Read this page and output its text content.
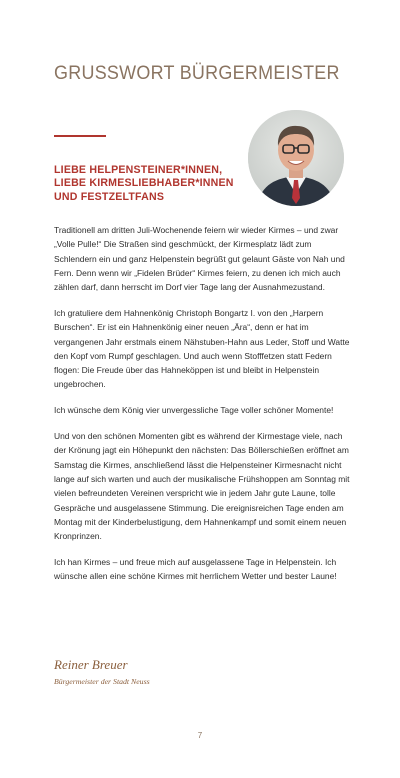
GRUSSWORT BÜRGERMEISTER
LIEBE HELPENSTEINER*INNEN,
LIEBE KIRMESLIEBHABER*INNEN
UND FESTZELTFANS

Traditionell am dritten Juli-Wochenende feiern wir wieder Kirmes – und zwar „Volle Pulle!“ Die Straßen sind geschmückt, der Kirmesplatz lädt zum Schlendern ein und ganz Helpenstein begrüßt gut gelaunt Gäste von Nah und Fern. Denn wenn wir „Fidelen Brüder“ Kirmes feiern, zu denen ich mich auch zählen darf, dann herrscht im Dorf vier Tage lang der Ausnahmezustand.

Ich gratuliere dem Hahnenkönig Christoph Bongartz I. von den „Harpern Burschen“. Er ist ein Hahnenkönig einer neuen „Ära“, denn er hat im vergangenen Jahr erstmals einem Nähstuben-Hahn aus Leder, Stoff und Watte den Kopf vom Rumpf geschlagen. Und auch wenn Stofffetzen statt Federn flogen: Die Freude über das Hahneköppen ist und bleibt in Helpenstein ungebrochen.

Ich wünsche dem König vier unvergessliche Tage voller schöner Momente!

Und von den schönen Momenten gibt es während der Kirmestage viele, nach der Krönung jagt ein Höhepunkt den nächsten: Das Böllerschießen eröffnet am Samstag die Kirmes, anschließend lässt die Helpensteiner Kirmesnacht nicht lange auf sich warten und auch der musikalische Frühshoppen am Sonntag mit vielen befreundeten Vereinen verspricht wie in jedem Jahr gute Laune, tolle Gespräche und ausgelassene Stimmung. Die ereignisreichen Tage enden am Montag mit der Kinderbelustigung, dem Hahnenkampf und somit einem neuen Kronprinzen.

Ich han Kirmes – und freue mich auf ausgelassene Tage in Helpenstein. Ich wünsche allen eine schöne Kirmes mit herrlichem Wetter und bester Laune!

Reiner Breuer
Bürgermeister der Stadt Neuss
7
